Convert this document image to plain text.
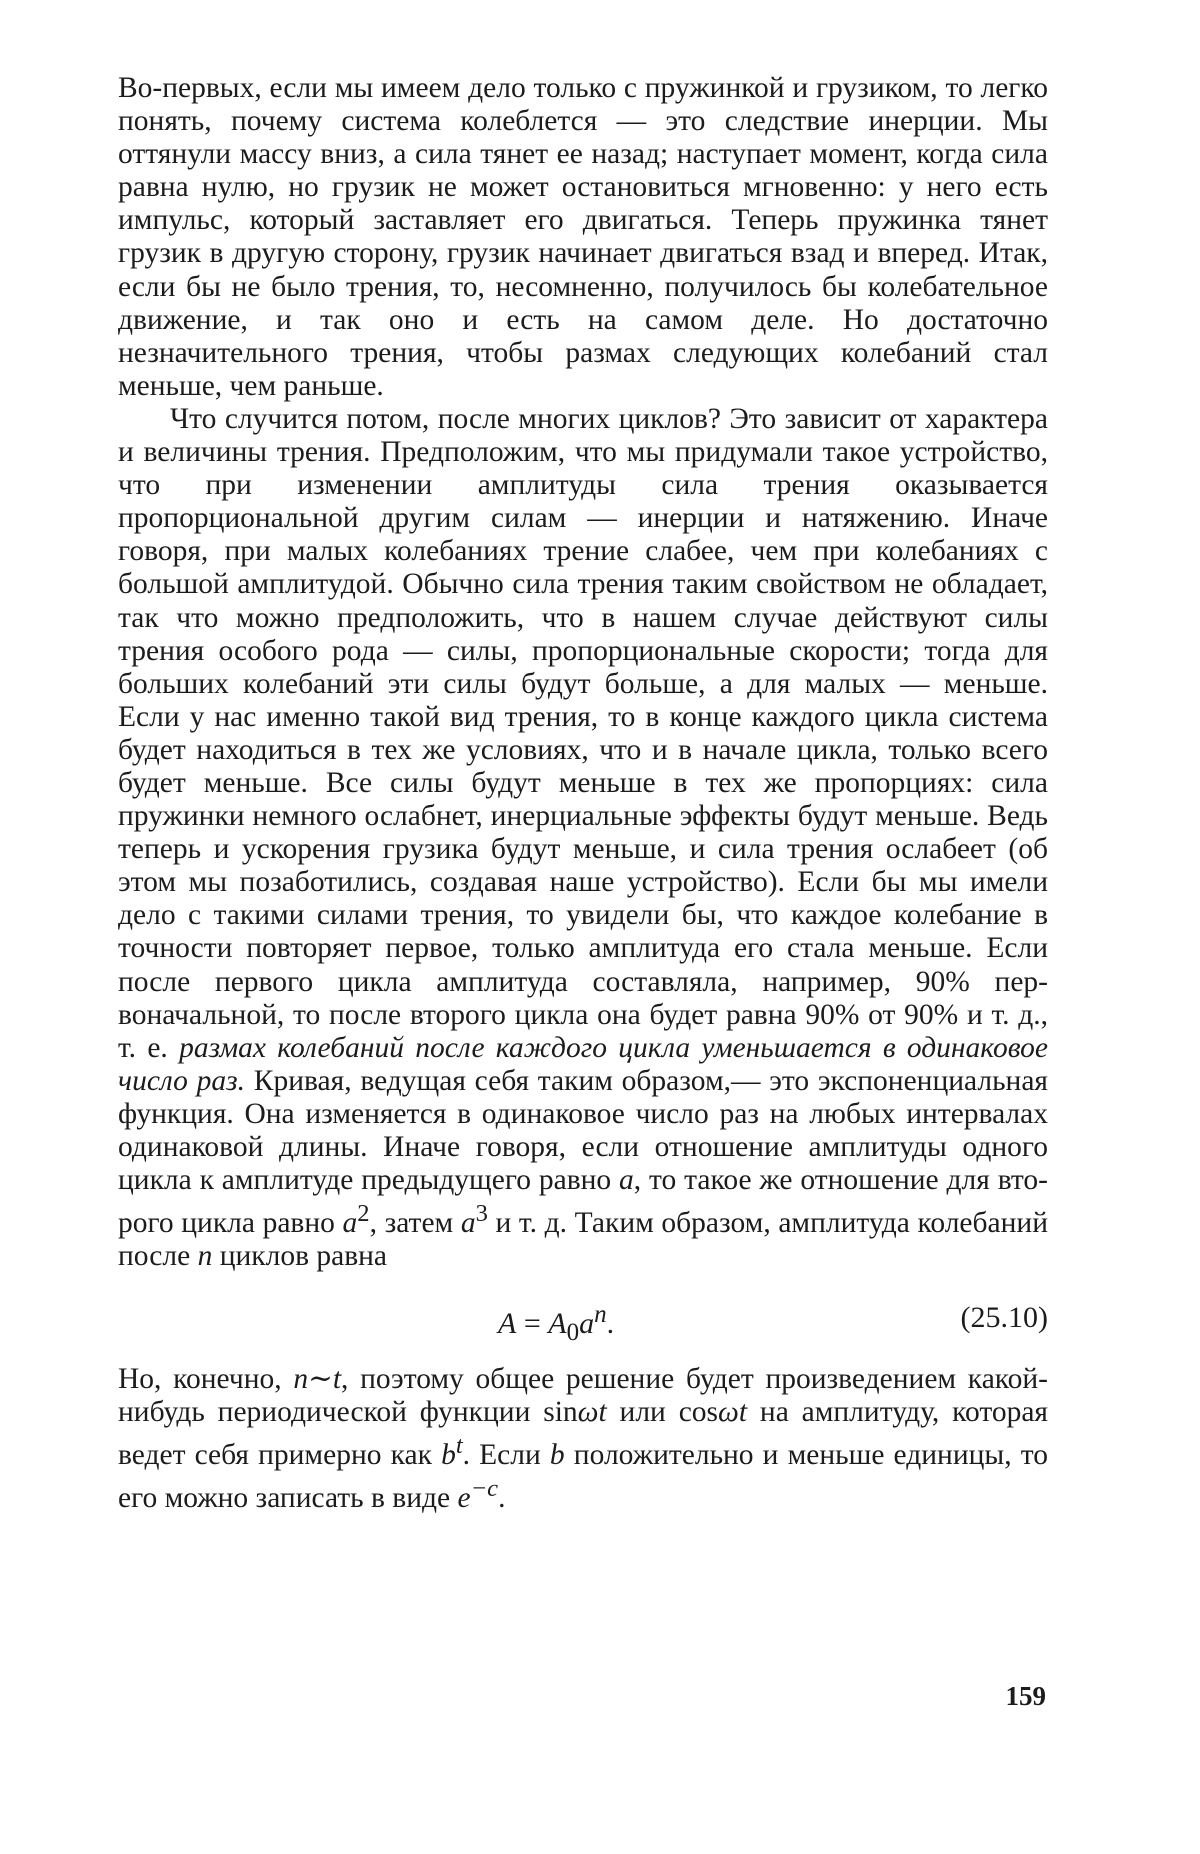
Во-первых, если мы имеем дело только с пружинкой и грузиком, то легко понять, почему система колеблется — это следствие инерции. Мы оттянули массу вниз, а сила тянет ее назад; наступает момент, когда сила равна нулю, но грузик не может остановиться мгновенно: у него есть импульс, который заставляет его двигаться. Теперь пружинка тянет грузик в другую сторону, грузик начинает двигаться взад и вперед. Итак, если бы не было трения, то, несомненно, получилось бы колебательное движение, и так оно и есть на самом деле. Но достаточно незначительного трения, чтобы размах следующих колебаний стал меньше, чем раньше.

Что случится потом, после многих циклов? Это зависит от характера и величины трения. Предположим, что мы придумали такое устройство, что при изменении амплитуды сила трения оказывается пропорциональной другим силам — инерции и натяжению. Иначе говоря, при малых колебаниях трение слабее, чем при колебаниях с большой амплитудой. Обычно сила трения таким свойством не обладает, так что можно предположить, что в нашем случае действуют силы трения особого рода — силы, пропорциональные скорости; тогда для больших колебаний эти силы будут больше, а для малых — меньше. Если у нас именно такой вид трения, то в конце каждого цикла система будет находиться в тех же условиях, что и в начале цикла, только всего будет меньше. Все силы будут меньше в тех же пропорциях: сила пружинки немного ослабнет, инерциальные эффекты будут меньше. Ведь теперь и ускорения грузика будут меньше, и сила трения ослабеет (об этом мы позаботились, создавая наше устройство). Если бы мы имели дело с такими силами трения, то увидели бы, что каждое колебание в точности повторяет первое, только амплитуда его стала меньше. Если после первого цикла амплитуда составляла, например, 90% первоначальной, то после второго цикла она будет равна 90% от 90% и т. д., т. е. размах колебаний после каждого цикла уменьшается в одинаковое число раз. Кривая, ведущая себя таким образом,— это экспоненциальная функция. Она изменяется в одинаковое число раз на любых интервалах одинаковой длины. Иначе говоря, если отношение амплитуды одного цикла к амплитуде предыдущего равно a, то такое же отношение для второго цикла равно $a^2$, затем $a^3$ и т. д. Таким образом, амплитуда колебаний после n циклов равна

$A = A_0a^n$.	(25.10)

Но, конечно, n∼t, поэтому общее решение будет произведением какой-нибудь периодической функции sinωt или cosωt на амплитуду, которая ведет себя примерно как $b^t$. Если b положительно и меньше единицы, то его можно записать в виде $e^{-c}$.

159
